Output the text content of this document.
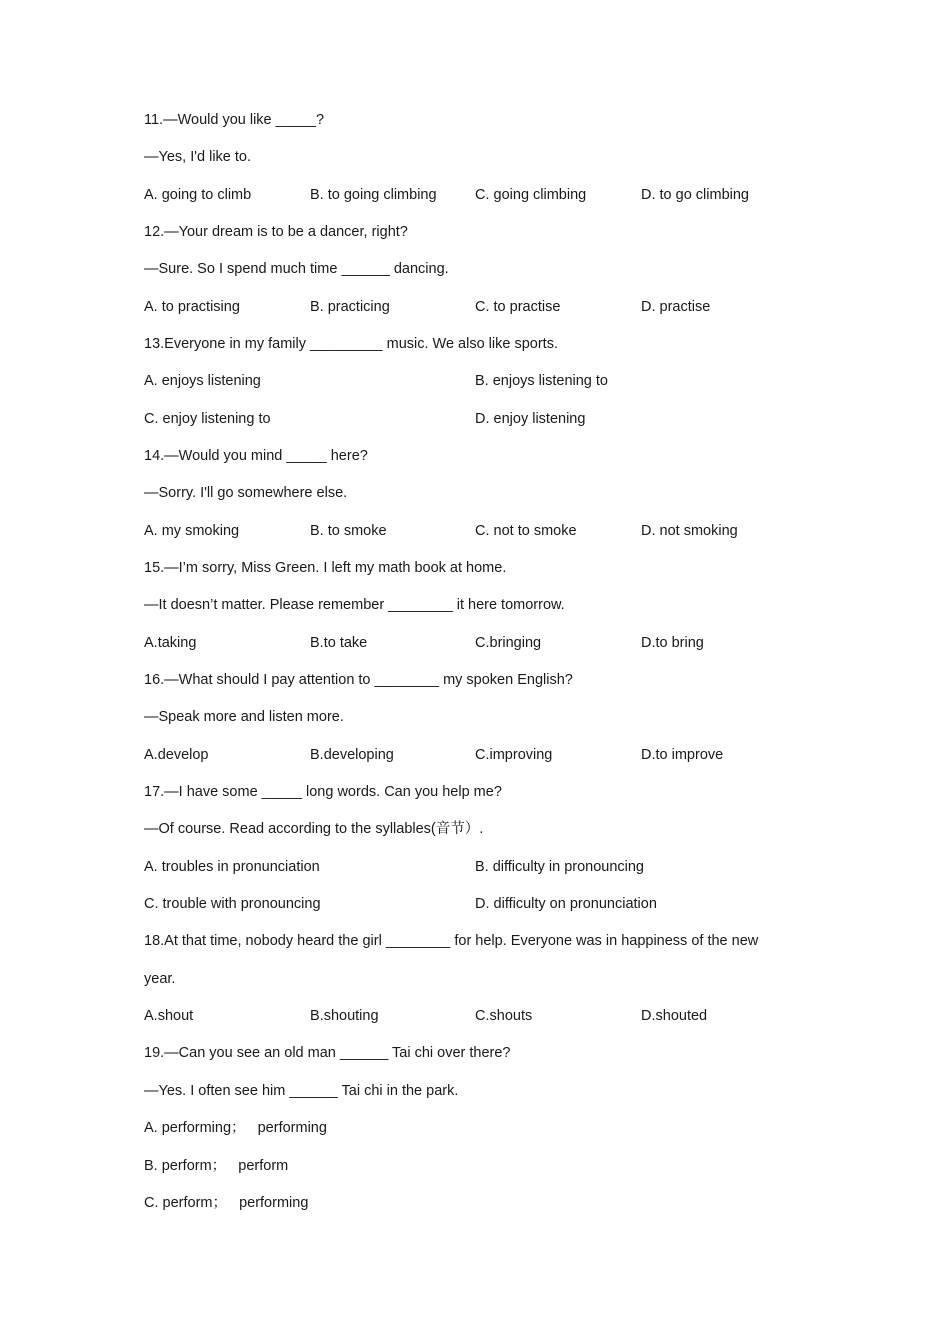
11.—Would you like _____?
—Yes, I'd like to.
A. going to climb	B. to going climbing	C. going climbing	D. to go climbing
12.—Your dream is to be a dancer, right?
—Sure. So I spend much time ______ dancing.
A. to practising	B. practicing	C. to practise	D. practise
13.Everyone in my family _________ music. We also like sports.
A. enjoys listening	B. enjoys listening to
C. enjoy listening to	D. enjoy listening
14.—Would you mind _____ here?
—Sorry. I'll go somewhere else.
A. my smoking	B. to smoke	C. not to smoke	D. not smoking
15.—I’m sorry, Miss Green. I left my math book at home.
—It doesn’t matter. Please remember ________ it here tomorrow.
A.taking	B.to take	C.bringing	D.to bring
16.—What should I pay attention to ________ my spoken English?
—Speak more and listen more.
A.develop	B.developing	C.improving	D.to improve
17.—I have some _____ long words. Can you help me?
—Of course. Read according to the syllables(音节）.
A. troubles in pronunciation	B. difficulty in pronouncing
C. trouble with pronouncing	D. difficulty on pronunciation
18.At that time, nobody heard the girl ________ for help. Everyone was in happiness of the new
year.
A.shout	B.shouting	C.shouts	D.shouted
19.—Can you see an old man ______ Tai chi over there?
—Yes. I often see him ______ Tai chi in the park.
A. performing；   performing
B. perform；   perform
C. perform；   performing
